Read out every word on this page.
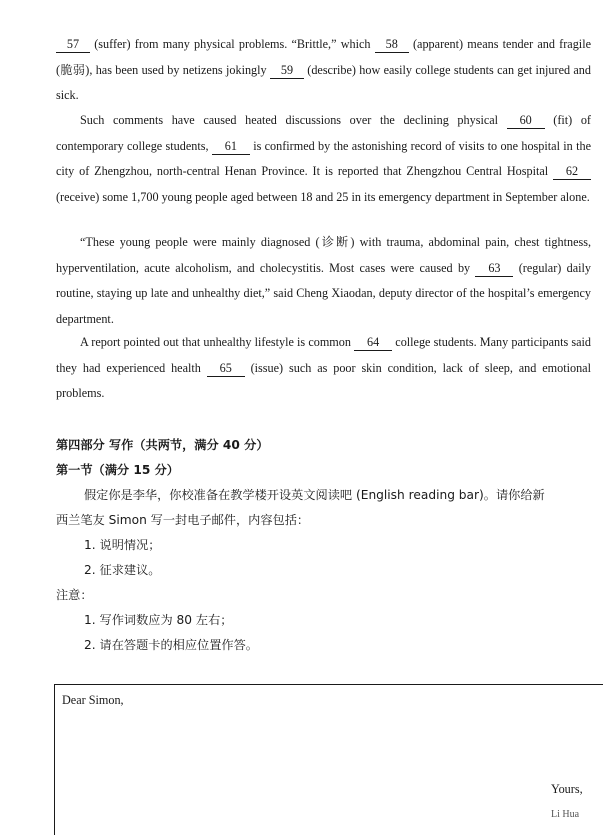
57 (suffer) from many physical problems. “Brittle,” which 58 (apparent) means tender and fragile (脆弱), has been used by netizens jokingly 59 (describe) how easily college students can get injured and sick.

Such comments have caused heated discussions over the declining physical 60 (fit) of contemporary college students, 61 is confirmed by the astonishing record of visits to one hospital in the city of Zhengzhou, north-central Henan Province. It is reported that Zhengzhou Central Hospital 62 (receive) some 1,700 young people aged between 18 and 25 in its emergency department in September alone.

“These young people were mainly diagnosed (诊断) with trauma, abdominal pain, chest tightness, hyperventilation, acute alcoholism, and cholecystitis. Most cases were caused by 63 (regular) daily routine, staying up late and unhealthy diet,” said Cheng Xiaodan, deputy director of the hospital’s emergency department.

A report pointed out that unhealthy lifestyle is common 64 college students. Many participants said they had experienced health 65 (issue) such as poor skin condition, lack of sleep, and emotional problems.

第四部分 写作（共两节，满分 40 分）
第一节（满分 15 分）
假定你是李华，你校准备在教学楼开设英文阅读吧 (English reading bar)。请你给新
西兰笔友 Simon 写一封电子邮件，内容包括：
1. 说明情况；
2. 征求建议。
注意：
1. 写作词数应为 80 左右；
2. 请在答题卡的相应位置作答。
Dear Simon,
Yours,
Li Hua
